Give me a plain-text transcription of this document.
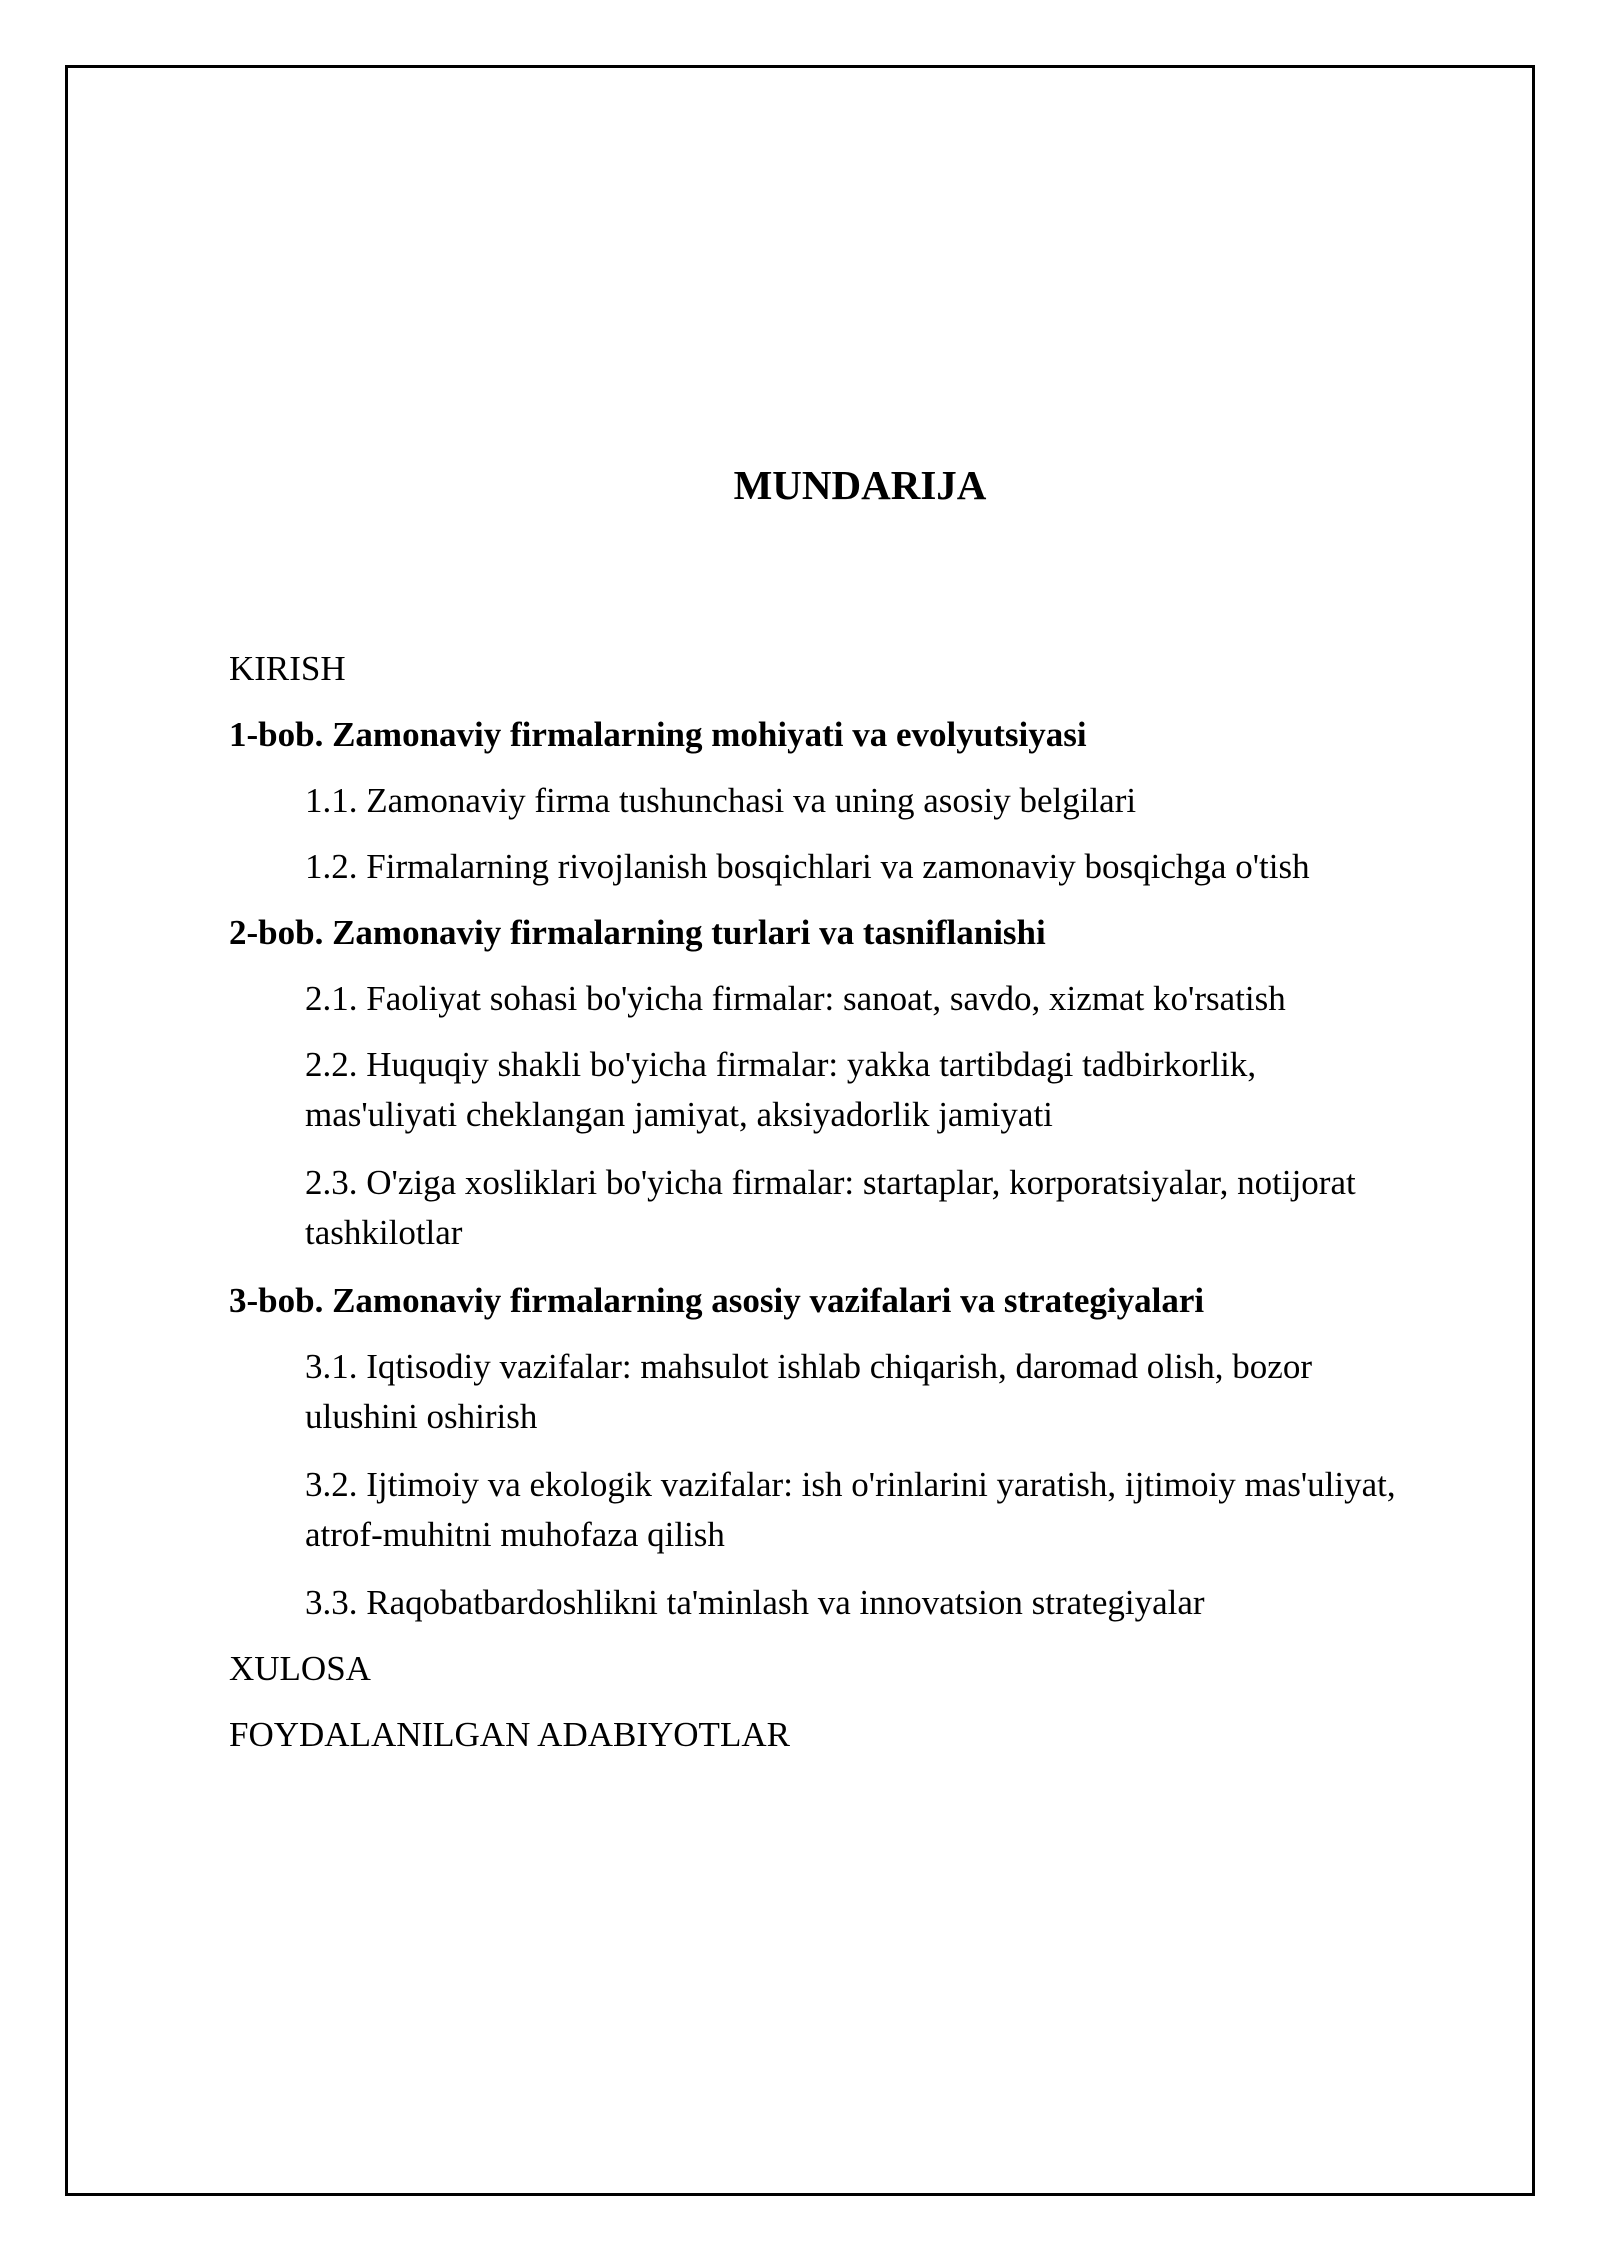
MUNDARIJA
KIRISH
1-bob. Zamonaviy firmalarning mohiyati va evolyutsiyasi
1.1. Zamonaviy firma tushunchasi va uning asosiy belgilari
1.2. Firmalarning rivojlanish bosqichlari va zamonaviy bosqichga o'tish
2-bob. Zamonaviy firmalarning turlari va tasniflanishi
2.1. Faoliyat sohasi bo'yicha firmalar: sanoat, savdo, xizmat ko'rsatish
2.2. Huquqiy shakli bo'yicha firmalar: yakka tartibdagi tadbirkorlik,
mas'uliyati cheklangan jamiyat, aksiyadorlik jamiyati
2.3. O'ziga xosliklari bo'yicha firmalar: startaplar, korporatsiyalar, notijorat
tashkilotlar
3-bob. Zamonaviy firmalarning asosiy vazifalari va strategiyalari
3.1. Iqtisodiy vazifalar: mahsulot ishlab chiqarish, daromad olish, bozor
ulushini oshirish
3.2. Ijtimoiy va ekologik vazifalar: ish o'rinlarini yaratish, ijtimoiy mas'uliyat,
atrof-muhitni muhofaza qilish
3.3. Raqobatbardoshlikni ta'minlash va innovatsion strategiyalar
XULOSA
FOYDALANILGAN ADABIYOTLAR
